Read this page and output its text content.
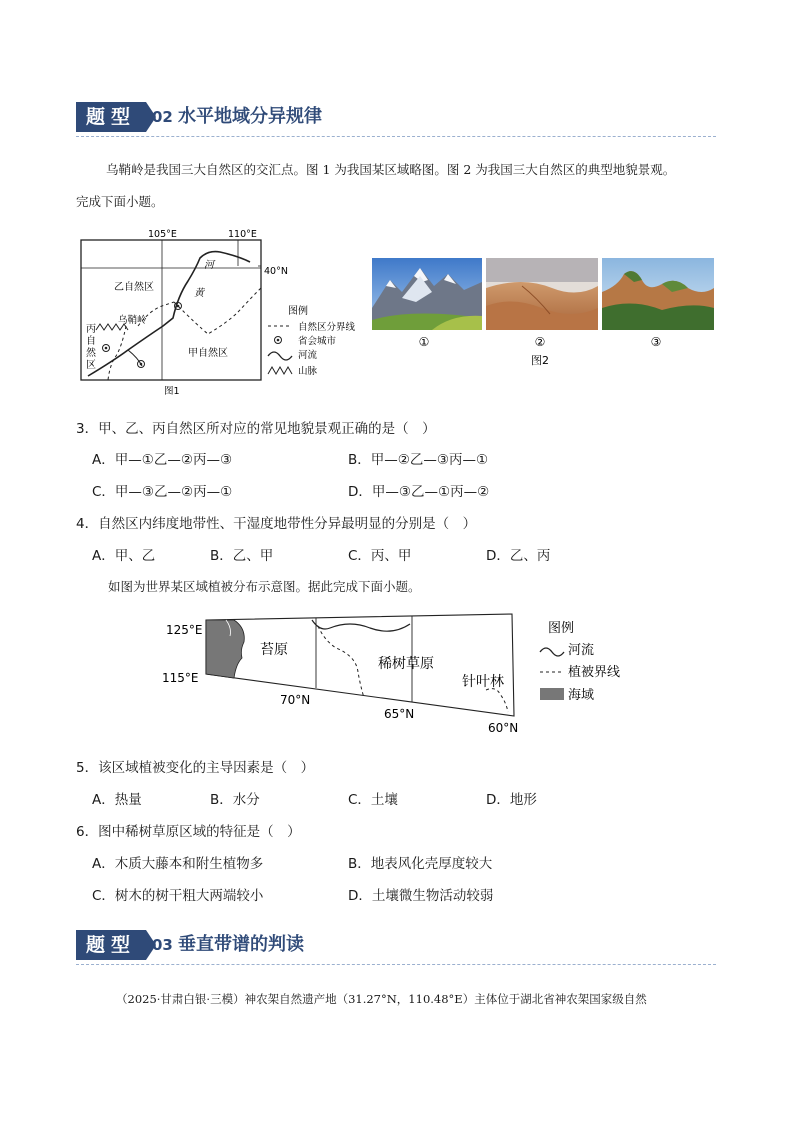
题型	02 水平地域分异规律
乌鞘岭是我国三大自然区的交汇点。图 1 为我国某区域略图。图 2 为我国三大自然区的典型地貌景观。
完成下面小题。
105°E	110°E
40°N
乙自然区
甲自然区
乌鞘岭
河
黄
丙
自
然
区
图1
图例
自然区分界线
省会城市
河流
山脉
①	②	③
图2
3．甲、乙、丙自然区所对应的常见地貌景观正确的是（　）
A．甲—①乙—②丙—③	B．甲—②乙—③丙—①
C．甲—③乙—②丙—①	D．甲—③乙—①丙—②
4．自然区内纬度地带性、干湿度地带性分异最明显的分别是（　）
A．甲、乙	B．乙、甲	C．丙、甲	D．乙、丙
如图为世界某区域植被分布示意图。据此完成下面小题。
125°E
115°E
70°N
65°N
60°N
苔原
稀树草原
针叶林
图例
河流
植被界线
海域
5．该区域植被变化的主导因素是（　）
A．热量	B．水分	C．土壤	D．地形
6．图中稀树草原区域的特征是（　）
A．木质大藤本和附生植物多	B．地表风化壳厚度较大
C．树木的树干粗大两端较小	D．土壤微生物活动较弱
题型	03 垂直带谱的判读
（2025·甘肃白银·三模）神农架自然遗产地（31.27°N，110.48°E）主体位于湖北省神农架国家级自然
